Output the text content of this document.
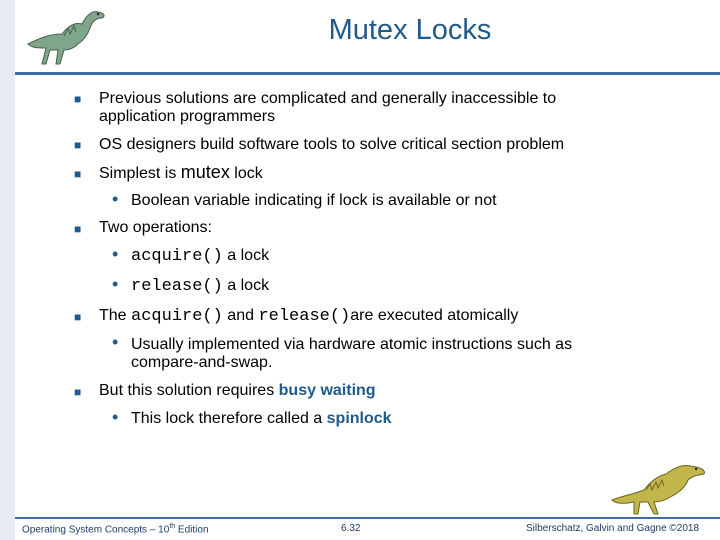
Mutex Locks
■ Previous solutions are complicated and generally inaccessible to
application programmers
■ OS designers build software tools to solve critical section problem
■ Simplest is mutex lock
• Boolean variable indicating if lock is available or not
■ Two operations:
• acquire() a lock
• release() a lock
■ The acquire() and release()are executed atomically
• Usually implemented via hardware atomic instructions such as
compare-and-swap.
■ But this solution requires busy waiting
• This lock therefore called a spinlock
Operating System Concepts – 10th Edition	6.32	Silberschatz, Galvin and Gagne ©2018
